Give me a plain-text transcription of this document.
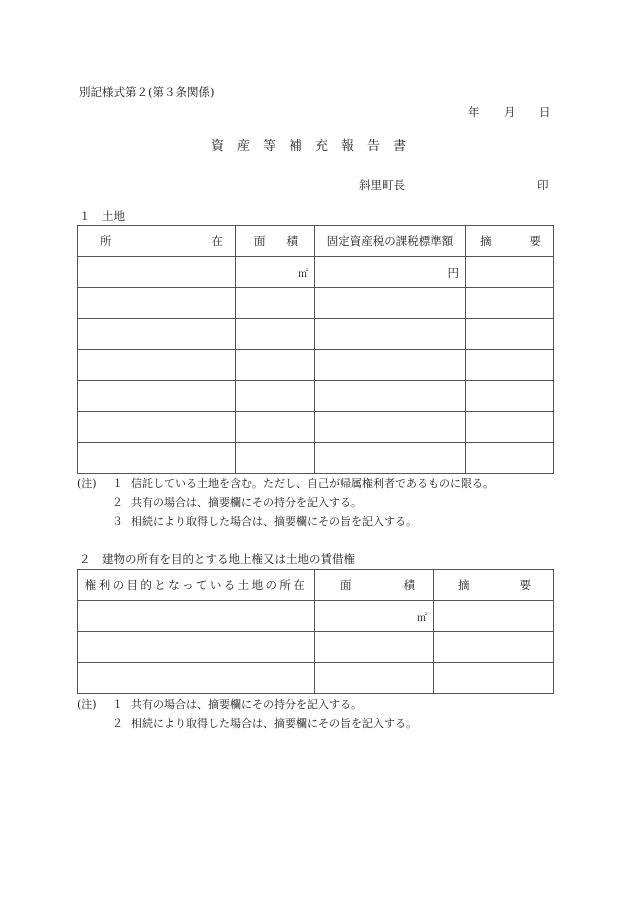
別記様式第２(第３条関係)
年 月 日
資産等補充報告書
斜里町長	印
１　土地
所 在	面 積	固定資産税の課税標準額	摘 要

	㎡	円	

(注) １ 信託している土地を含む。ただし、自己が帰属権利者であるものに限る。
２ 共有の場合は、摘要欄にその持分を記入する。
３ 相続により取得した場合は、摘要欄にその旨を記入する。
２　建物の所有を目的とする地上権又は土地の賃借権
権利の目的となっている土地の所在	面 積	摘 要

	㎡	

(注) １ 共有の場合は、摘要欄にその持分を記入する。
２ 相続により取得した場合は、摘要欄にその旨を記入する。
